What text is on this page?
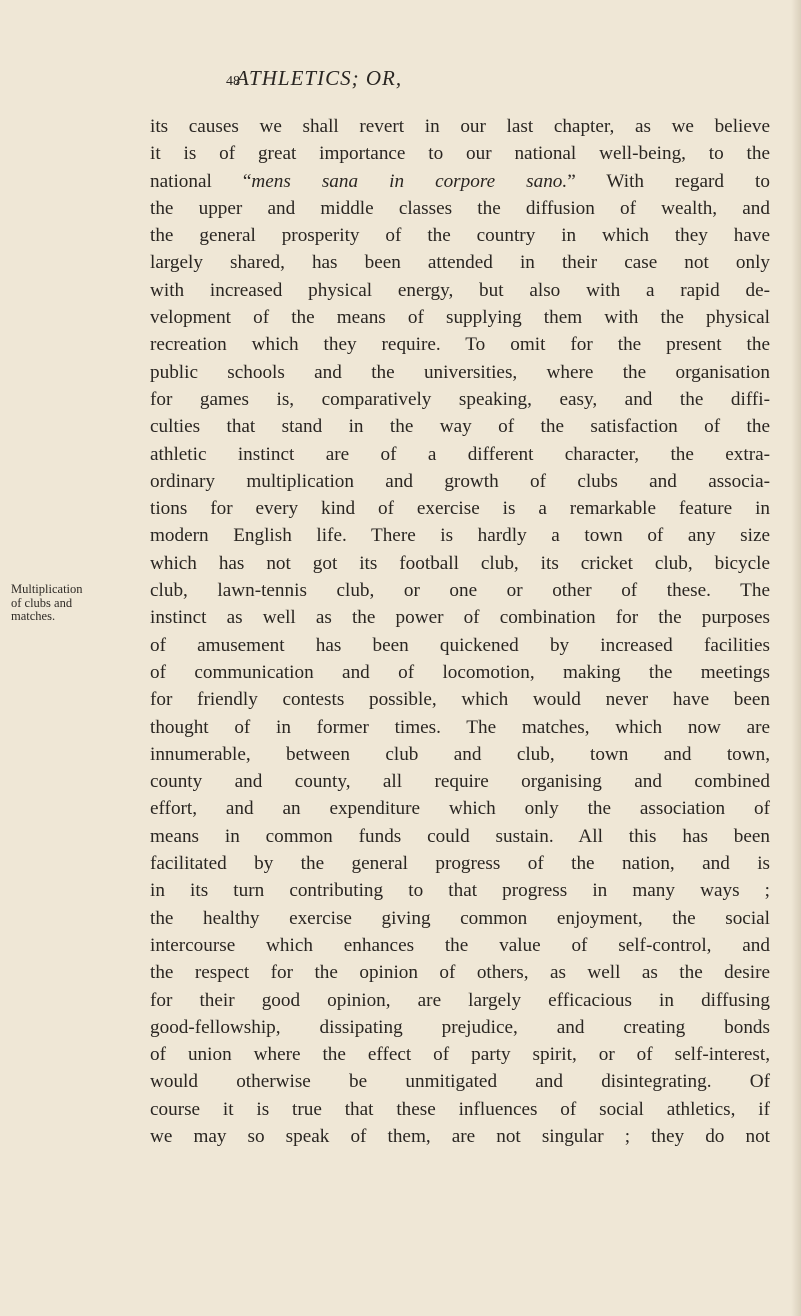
48
ATHLETICS; OR,
Multiplication
of clubs and
matches.
its causes we shall revert in our last chapter, as we believe
it is of great importance to our national well-being, to the
national “mens sana in corpore sano.” With regard to
the upper and middle classes the diffusion of wealth, and
the general prosperity of the country in which they have
largely shared, has been attended in their case not only
with increased physical energy, but also with a rapid de-
velopment of the means of supplying them with the physical
recreation which they require. To omit for the present the
public schools and the universities, where the organisation
for games is, comparatively speaking, easy, and the diffi-
culties that stand in the way of the satisfaction of the
athletic instinct are of a different character, the extra-
ordinary multiplication and growth of clubs and associa-
tions for every kind of exercise is a remarkable feature in
modern English life. There is hardly a town of any size
which has not got its football club, its cricket club, bicycle
club, lawn-tennis club, or one or other of these. The
instinct as well as the power of combination for the purposes
of amusement has been quickened by increased facilities
of communication and of locomotion, making the meetings
for friendly contests possible, which would never have been
thought of in former times. The matches, which now are
innumerable, between club and club, town and town,
county and county, all require organising and combined
effort, and an expenditure which only the association of
means in common funds could sustain. All this has been
facilitated by the general progress of the nation, and is
in its turn contributing to that progress in many ways ;
the healthy exercise giving common enjoyment, the social
intercourse which enhances the value of self-control, and
the respect for the opinion of others, as well as the desire
for their good opinion, are largely efficacious in diffusing
good-fellowship, dissipating prejudice, and creating bonds
of union where the effect of party spirit, or of self-interest,
would otherwise be unmitigated and disintegrating. Of
course it is true that these influences of social athletics, if
we may so speak of them, are not singular ; they do not
